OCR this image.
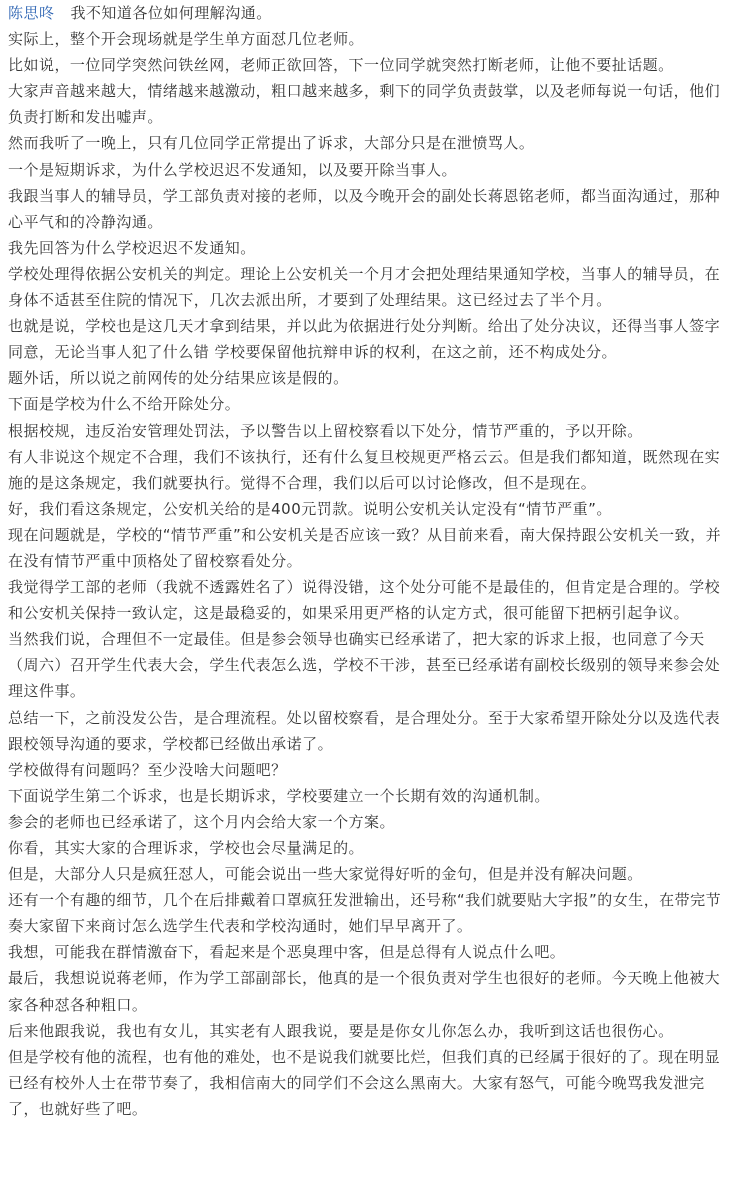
陈思咚 我不知道各位如何理解沟通。

实际上，整个开会现场就是学生单方面怼几位老师。

比如说，一位同学突然问铁丝网，老师正欲回答，下一位同学就突然打断老师，让他不要扯话题。

大家声音越来越大，情绪越来越激动，粗口越来越多，剩下的同学负责鼓掌，以及老师每说一句话，他们负责打断和发出嘘声。

然而我听了一晚上，只有几位同学正常提出了诉求，大部分只是在泄愤骂人。

一个是短期诉求，为什么学校迟迟不发通知，以及要开除当事人。

我跟当事人的辅导员，学工部负责对接的老师，以及今晚开会的副处长蒋恩铭老师，都当面沟通过，那种心平气和的冷静沟通。

我先回答为什么学校迟迟不发通知。

学校处理得依据公安机关的判定。理论上公安机关一个月才会把处理结果通知学校，当事人的辅导员，在身体不适甚至住院的情况下，几次去派出所，才要到了处理结果。这已经过去了半个月。

也就是说，学校也是这几天才拿到结果，并以此为依据进行处分判断。给出了处分决议，还得当事人签字同意，无论当事人犯了什么错 学校要保留他抗辩申诉的权利，在这之前，还不构成处分。

题外话，所以说之前网传的处分结果应该是假的。

下面是学校为什么不给开除处分。

根据校规，违反治安管理处罚法，予以警告以上留校察看以下处分，情节严重的，予以开除。

有人非说这个规定不合理，我们不该执行，还有什么复旦校规更严格云云。但是我们都知道，既然现在实施的是这条规定，我们就要执行。觉得不合理，我们以后可以讨论修改，但不是现在。

好，我们看这条规定，公安机关给的是400元罚款。说明公安机关认定没有“情节严重”。

现在问题就是，学校的“情节严重”和公安机关是否应该一致？从目前来看，南大保持跟公安机关一致，并在没有情节严重中顶格处了留校察看处分。

我觉得学工部的老师（我就不透露姓名了）说得没错，这个处分可能不是最佳的，但肯定是合理的。学校和公安机关保持一致认定，这是最稳妥的，如果采用更严格的认定方式，很可能留下把柄引起争议。

当然我们说，合理但不一定最佳。但是参会领导也确实已经承诺了，把大家的诉求上报，也同意了今天（周六）召开学生代表大会，学生代表怎么选，学校不干涉，甚至已经承诺有副校长级别的领导来参会处理这件事。

总结一下，之前没发公告，是合理流程。处以留校察看，是合理处分。至于大家希望开除处分以及选代表跟校领导沟通的要求，学校都已经做出承诺了。

学校做得有问题吗？至少没啥大问题吧？

下面说学生第二个诉求，也是长期诉求，学校要建立一个长期有效的沟通机制。

参会的老师也已经承诺了，这个月内会给大家一个方案。

你看，其实大家的合理诉求，学校也会尽量满足的。

但是，大部分人只是疯狂怼人，可能会说出一些大家觉得好听的金句，但是并没有解决问题。

还有一个有趣的细节，几个在后排戴着口罩疯狂发泄输出，还号称“我们就要贴大字报”的女生，在带完节奏大家留下来商讨怎么选学生代表和学校沟通时，她们早早离开了。

我想，可能我在群情激奋下，看起来是个恶臭理中客，但是总得有人说点什么吧。

最后，我想说说蒋老师，作为学工部副部长，他真的是一个很负责对学生也很好的老师。今天晚上他被大家各种怼各种粗口。

后来他跟我说，我也有女儿，其实老有人跟我说，要是是你女儿你怎么办，我听到这话也很伤心。

但是学校有他的流程，也有他的难处，也不是说我们就要比烂，但我们真的已经属于很好的了。现在明显已经有校外人士在带节奏了，我相信南大的同学们不会这么黑南大。大家有怒气，可能今晚骂我发泄完了，也就好些了吧。
